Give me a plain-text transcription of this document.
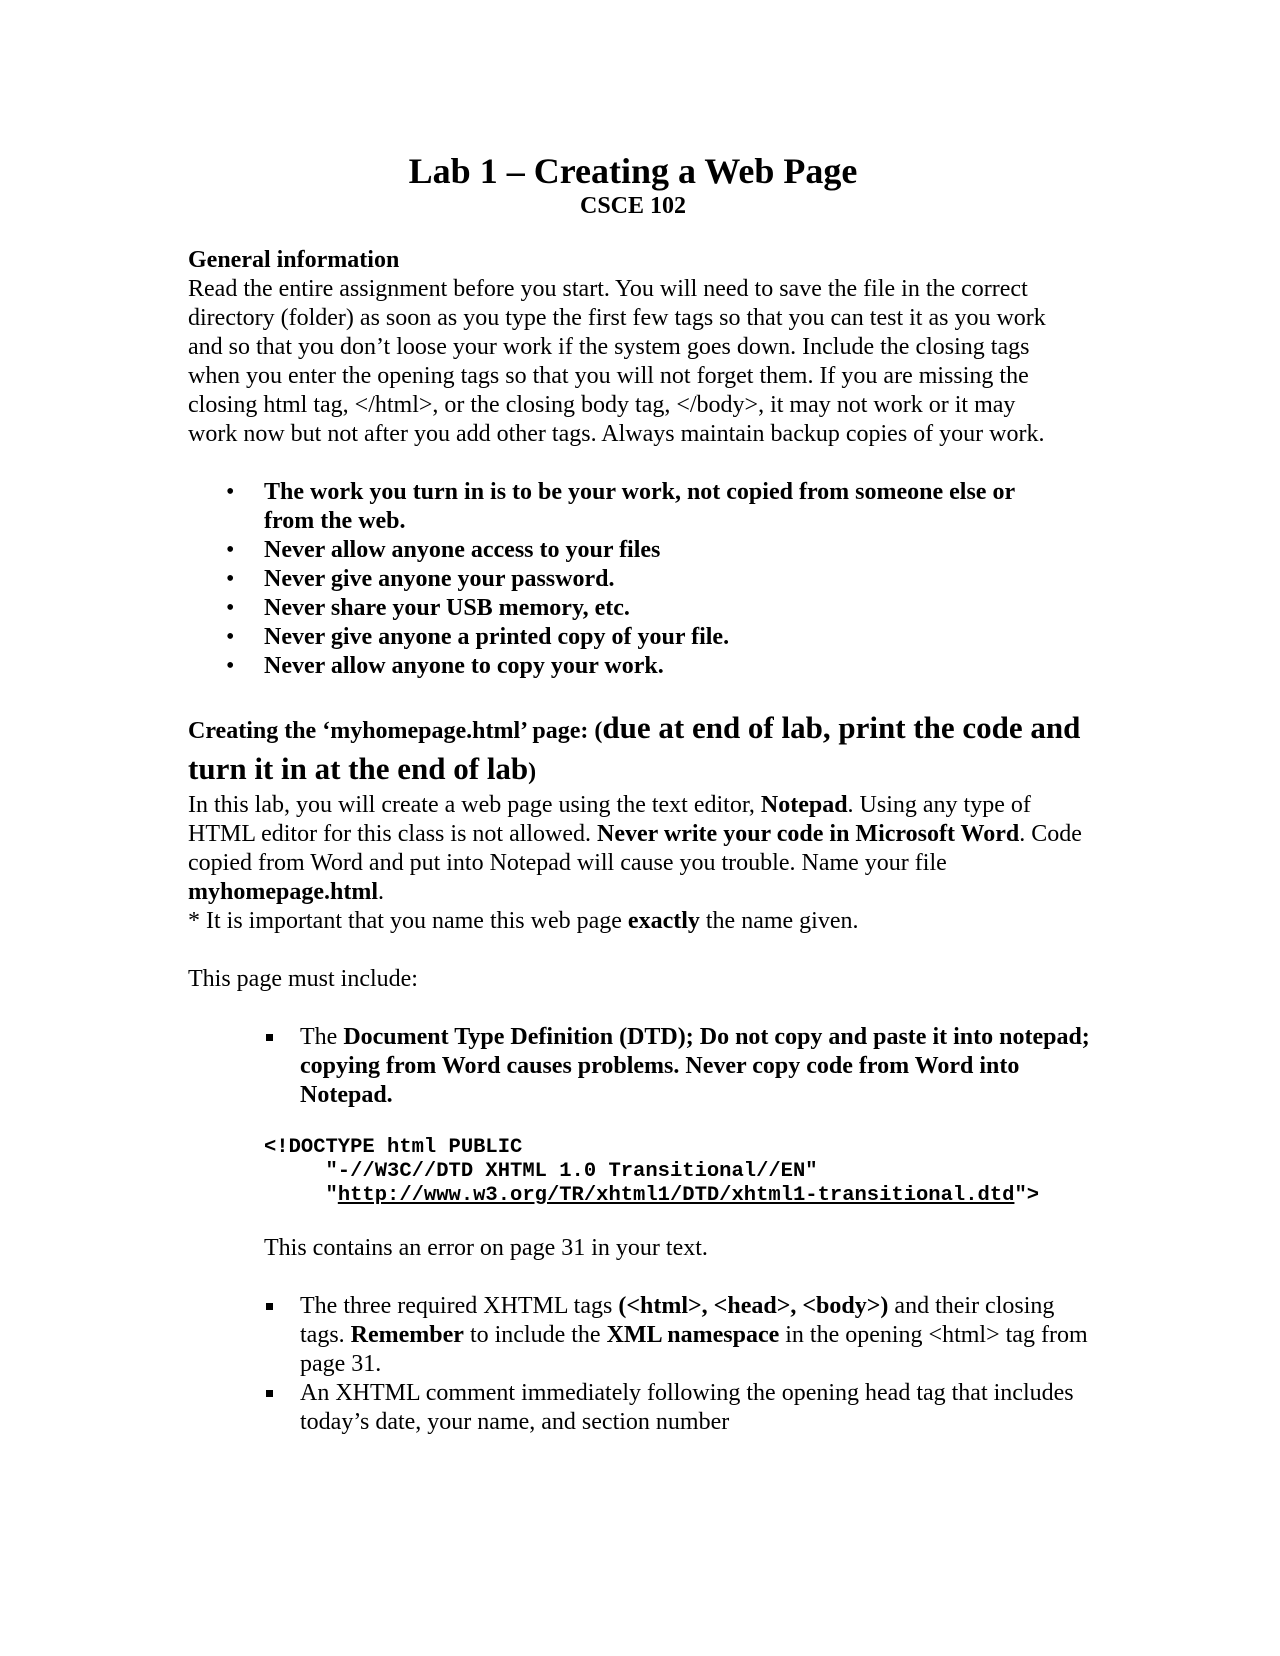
Lab 1 – Creating a Web Page
CSCE 102
General information
Read the entire assignment before you start. You will need to save the file in the correct
directory (folder) as soon as you type the first few tags so that you can test it as you work
and so that you don’t loose your work if the system goes down. Include the closing tags
when you enter the opening tags so that you will not forget them. If you are missing the
closing html tag, </html>, or the closing body tag, </body>, it may not work or it may
work now but not after you add other tags. Always maintain backup copies of your work.
• The work you turn in is to be your work, not copied from someone else or from the web.
• Never allow anyone access to your files
• Never give anyone your password.
• Never share your USB memory, etc.
• Never give anyone a printed copy of your file.
• Never allow anyone to copy your work.
Creating the ‘myhomepage.html’ page: (due at end of lab, print the code and turn it in at the end of lab)

In this lab, you will create a web page using the text editor, Notepad. Using any type of HTML editor for this class is not allowed. Never write your code in Microsoft Word. Code copied from Word and put into Notepad will cause you trouble. Name your file myhomepage.html.

* It is important that you name this web page exactly the name given.

This page must include:

The Document Type Definition (DTD); Do not copy and paste it into notepad; copying from Word causes problems. Never copy code from Word into Notepad.
<!DOCTYPE html PUBLIC
"-//W3C//DTD XHTML 1.0 Transitional//EN"
"http://www.w3.org/TR/xhtml1/DTD/xhtml1-transitional.dtd">

This contains an error on page 31 in your text.

The three required XHTML tags (<html>, <head>, <body>) and their closing tags. Remember to include the XML namespace in the opening <html> tag from page 31.
An XHTML comment immediately following the opening head tag that includes today’s date, your name, and section number
